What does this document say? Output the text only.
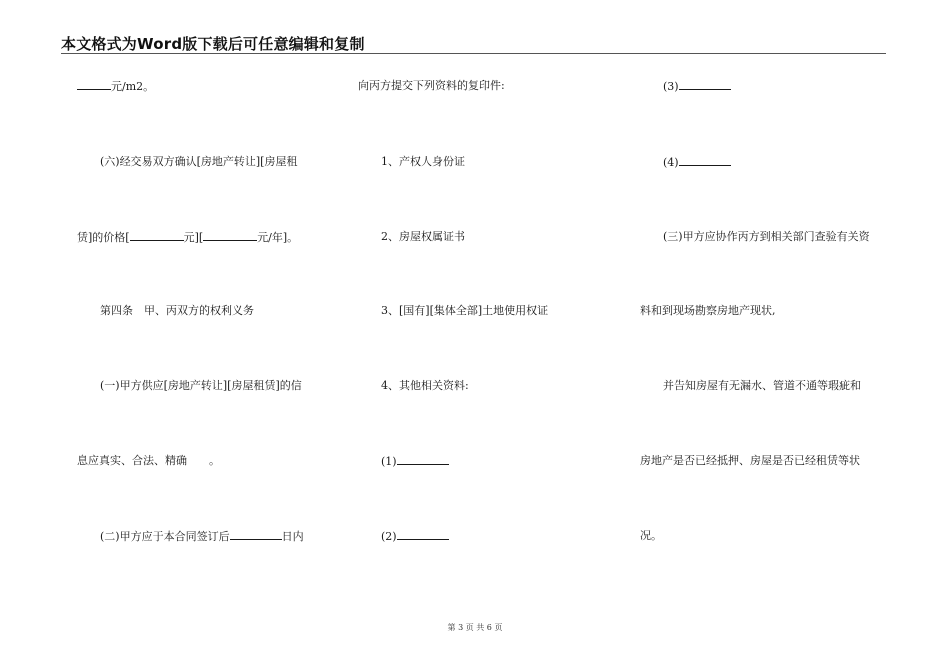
本文格式为Word版下载后可任意编辑和复制
元/m2。
(六)经交易双方确认[房地产转让][房屋租
赁]的价格[	元][	元/年]。
第四条　甲、丙双方的权利义务
(一)甲方供应[房地产转让][房屋租赁]的信
息应真实、合法、精确　　。
(二)甲方应于本合同签订后	日内
向丙方提交下列资料的复印件:
1、产权人身份证
2、房屋权属证书
3、[国有][集体全部]土地使用权证
4、其他相关资料:
(1)
(2)
(3)
(4)
(三)甲方应协作丙方到相关部门查验有关资
料和到现场勘察房地产现状,
并告知房屋有无漏水、管道不通等瑕疵和
房地产是否已经抵押、房屋是否已经租赁等状
况。
第 3 页 共 6 页
